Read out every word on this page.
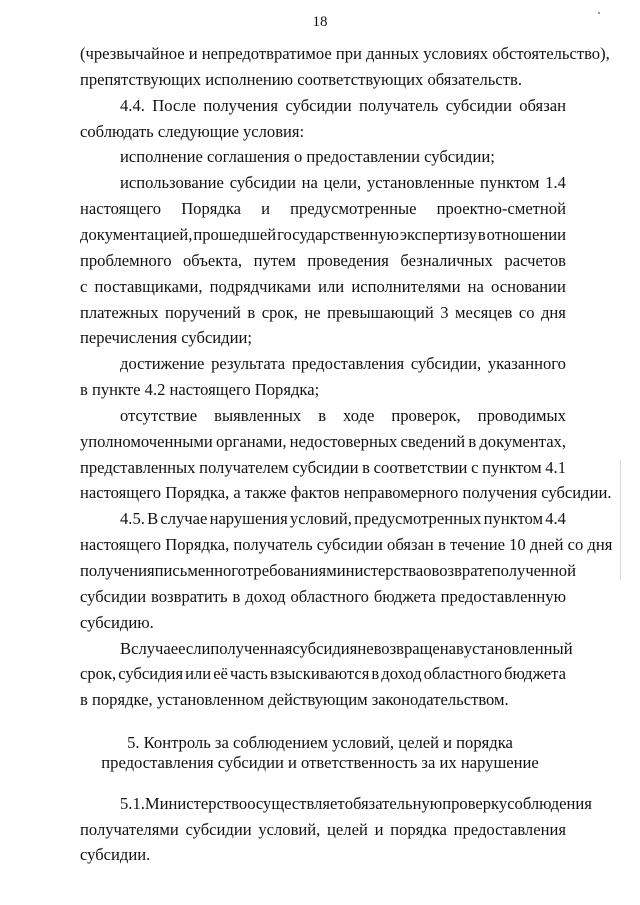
18
(чрезвычайное и непредотвратимое при данных условиях обстоятельство),
препятствующих исполнению соответствующих обязательств.
4.4. После получения субсидии получатель субсидии обязан
соблюдать следующие условия:
исполнение соглашения о предоставлении субсидии;
использование субсидии на цели, установленные пунктом 1.4
настоящего Порядка и предусмотренные проектно-сметной
документацией, прошедшей государственную экспертизу в отношении
проблемного объекта, путем проведения безналичных расчетов
с поставщиками, подрядчиками или исполнителями на основании
платежных поручений в срок, не превышающий 3 месяцев со дня
перечисления субсидии;
достижение результата предоставления субсидии, указанного
в пункте 4.2 настоящего Порядка;
отсутствие выявленных в ходе проверок, проводимых
уполномоченными органами, недостоверных сведений в документах,
представленных получателем субсидии в соответствии с пунктом 4.1
настоящего Порядка, а также фактов неправомерного получения субсидии.
4.5. В случае нарушения условий, предусмотренных пунктом 4.4
настоящего Порядка, получатель субсидии обязан в течение 10 дней со дня
получения письменного требования министерства о возврате полученной
субсидии возвратить в доход областного бюджета предоставленную
субсидию.
В случае если полученная субсидия не возвращена в установленный
срок, субсидия или её часть взыскиваются в доход областного бюджета
в порядке, установленном действующим законодательством.
5. Контроль за соблюдением условий, целей и порядка
предоставления субсидии и ответственность за их нарушение
5.1. Министерство осуществляет обязательную проверку соблюдения
получателями субсидии условий, целей и порядка предоставления
субсидии.
